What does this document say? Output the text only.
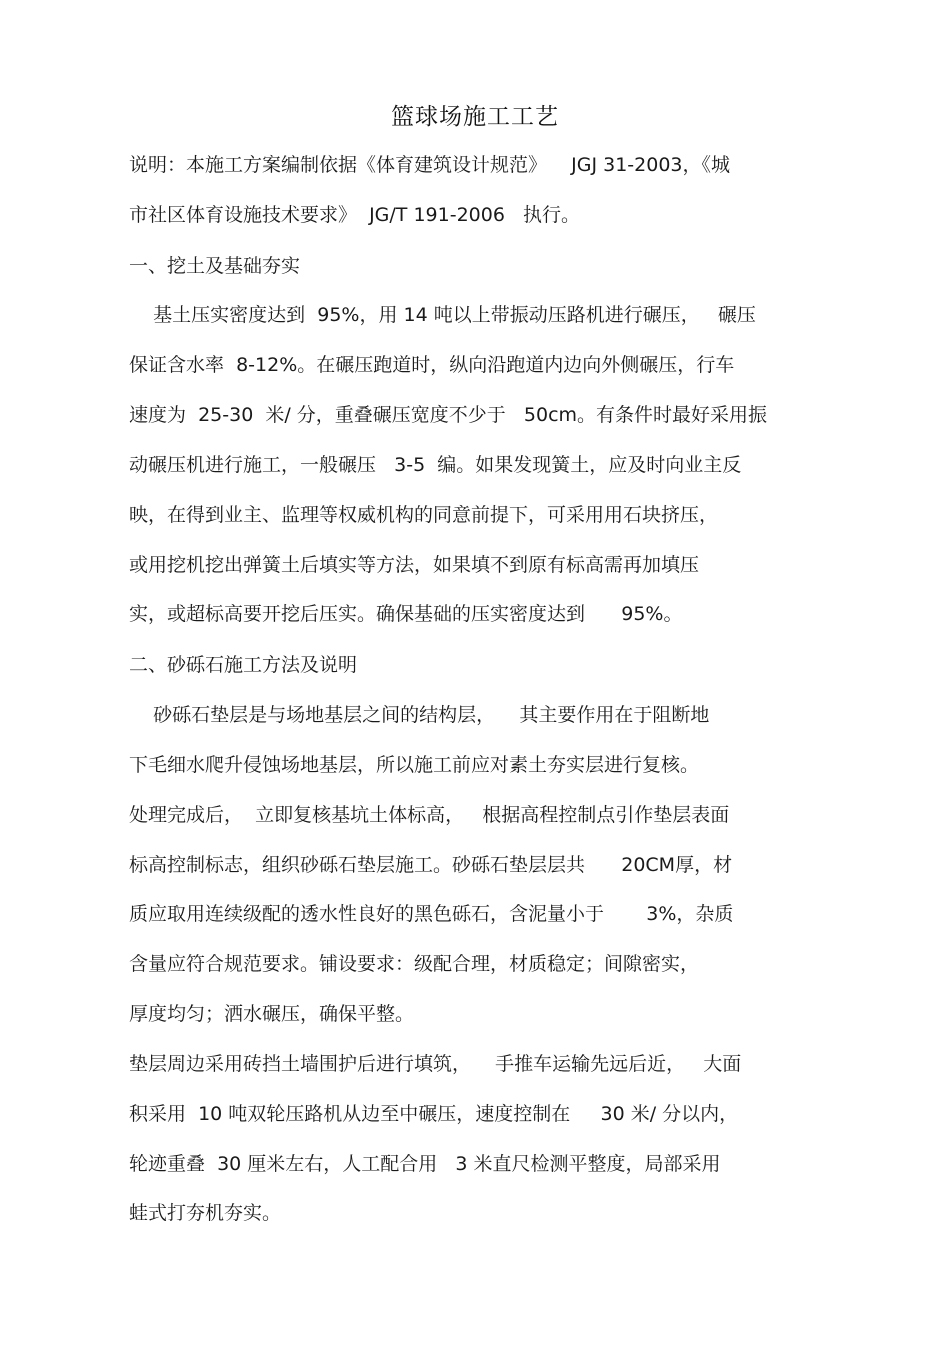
篮球场施工工艺
说明：本施工方案编制依据《体育建筑设计规范》    JGJ 31-2003，《城
市社区体育设施技术要求》  JG/T 191-2006   执行。
一、挖土及基础夯实
基土压实密度达到  95%，用 14 吨以上带振动压路机进行碾压，   碾压
保证含水率  8-12%。在碾压跑道时，纵向沿跑道内边向外侧碾压，行车
速度为  25-30  米/ 分，重叠碾压宽度不少于   50cm。有条件时最好采用振
动碾压机进行施工，一般碾压   3-5  编。如果发现簧土，应及时向业主反
映，在得到业主、监理等权威机构的同意前提下，可采用用石块挤压，
或用挖机挖出弹簧土后填实等方法，如果填不到原有标高需再加填压
实，或超标高要开挖后压实。确保基础的压实密度达到      95%。
二、砂砾石施工方法及说明
砂砾石垫层是与场地基层之间的结构层，    其主要作用在于阻断地
下毛细水爬升侵蚀场地基层，所以施工前应对素土夯实层进行复核。
处理完成后，  立即复核基坑土体标高，   根据高程控制点引作垫层表面
标高控制标志，组织砂砾石垫层施工。砂砾石垫层层共      20CM厚，材
质应取用连续级配的透水性良好的黑色砾石，含泥量小于       3%，杂质
含量应符合规范要求。铺设要求：级配合理，材质稳定；间隙密实，
厚度均匀；洒水碾压，确保平整。
垫层周边采用砖挡土墙围护后进行填筑，    手推车运输先远后近，   大面
积采用  10 吨双轮压路机从边至中碾压，速度控制在     30 米/ 分以内，
轮迹重叠  30 厘米左右，人工配合用   3 米直尺检测平整度，局部采用
蛙式打夯机夯实。
